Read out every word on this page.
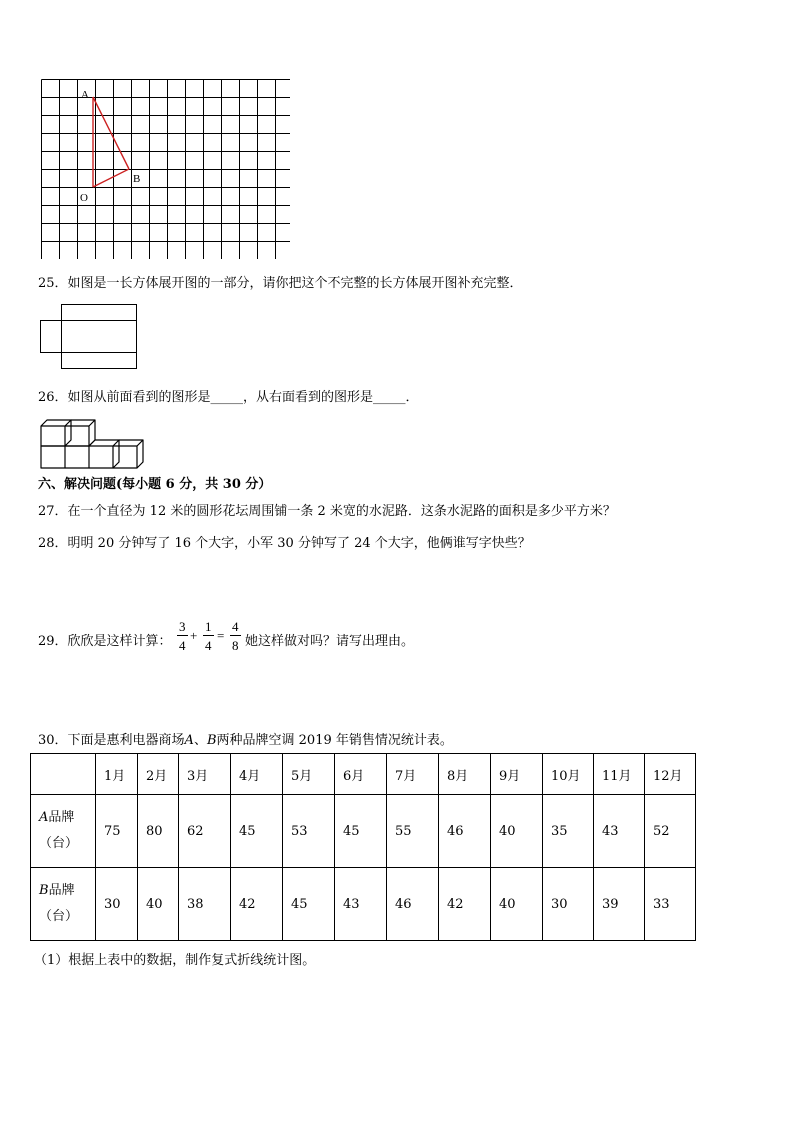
A
B
O
25．如图是一长方体展开图的一部分，请你把这个不完整的长方体展开图补充完整．
26．如图从前面看到的图形是_____，从右面看到的图形是_____．
六、解决问题(每小题 6 分，共 30 分）
27．在一个直径为 12 米的圆形花坛周围铺一条 2 米宽的水泥路．这条水泥路的面积是多少平方米？
28．明明 20 分钟写了 16 个大字，小军 30 分钟写了 24 个大字，他俩谁写字快些？
29．欣欣是这样计算：
3
4
+
1
4
=
4
8 她这样做对吗？请写出理由。
30．下面是惠利电器商场A、B两种品牌空调 2019 年销售情况统计表。
	1月	2月	3月	4月	5月	6月	7月	8月	9月	10月	11月	12月
A品牌
（台）	75	80	62	45	53	45	55	46	40	35	43	52
B品牌
（台）	30	40	38	42	45	43	46	42	40	30	39	33
（1）根据上表中的数据，制作复式折线统计图。
